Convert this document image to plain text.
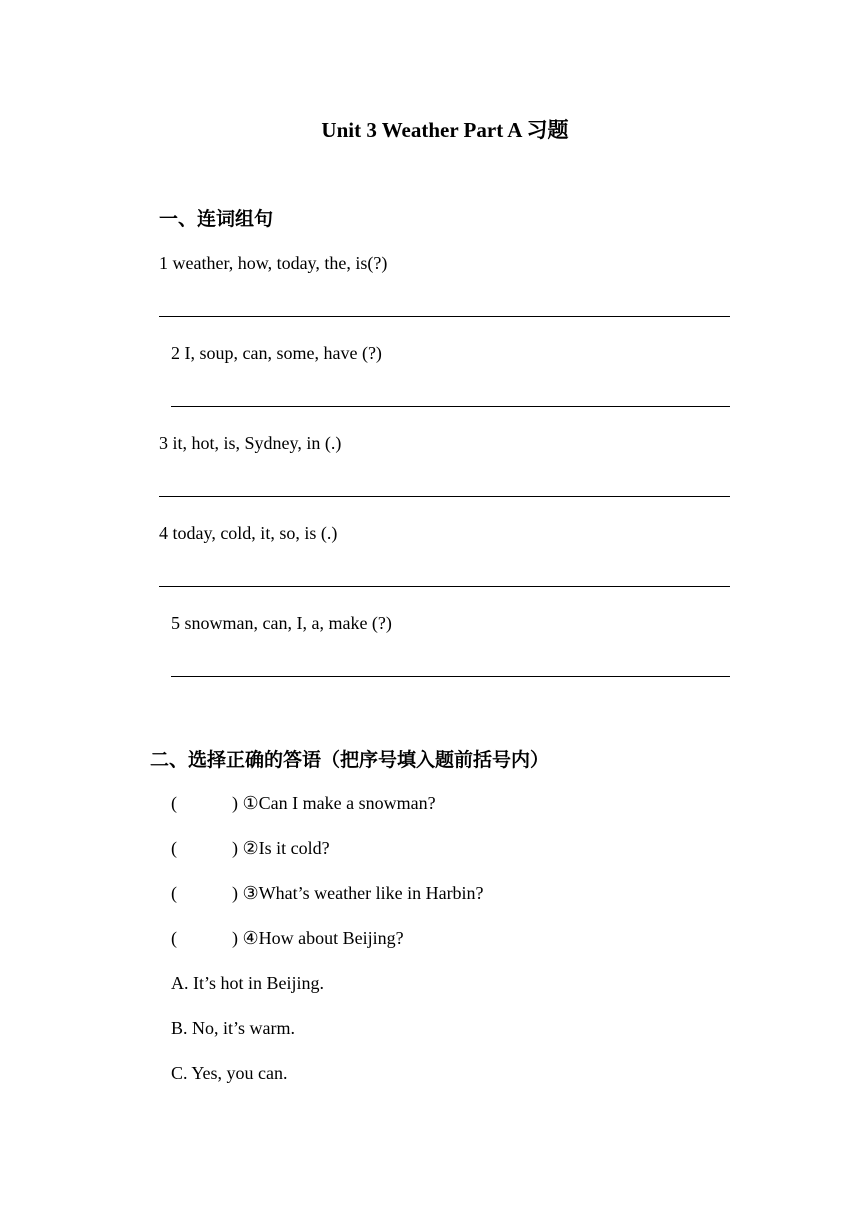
Unit 3 Weather Part A 习题
一、连词组句
1 weather, how, today, the, is(?)
2 I, soup, can, some, have (?)
3 it, hot, is, Sydney, in (.)
4 today, cold, it, so, is (.)
5 snowman, can, I, a, make (?)
二、选择正确的答语（把序号填入题前括号内）
(	) ①Can I make a snowman?
(	) ②Is it cold?
(	) ③What’s weather like in Harbin?
(	) ④How about Beijing?
A. It’s hot in Beijing.
B. No, it’s warm.
C. Yes, you can.
